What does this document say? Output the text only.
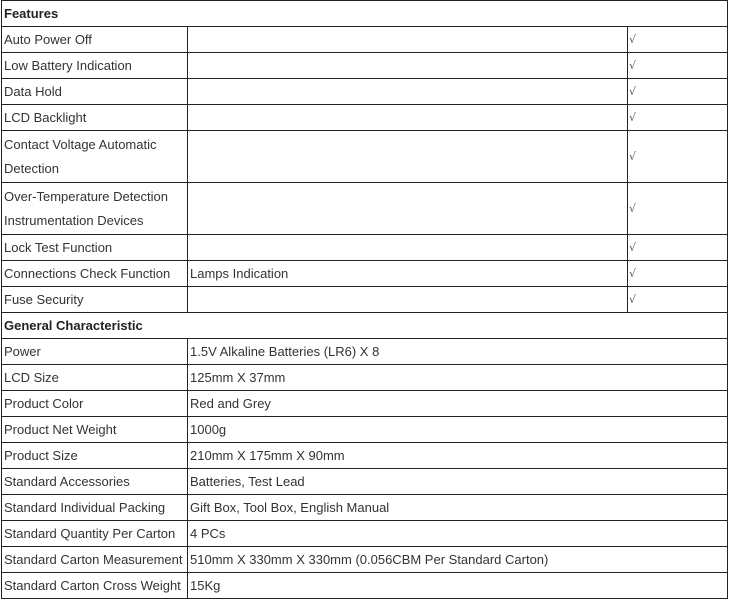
Features		
Auto Power Off		√
Low Battery Indication		√
Data Hold		√
LCD Backlight		√
Contact Voltage Automatic Detection		√
Over-Temperature Detection Instrumentation Devices		√
Lock Test Function		√
Connections Check Function	Lamps Indication	√
Fuse Security		√
General Characteristic		
Power	1.5V Alkaline Batteries (LR6) X 8	
LCD Size	125mm X 37mm	
Product Color	Red and Grey	
Product Net Weight	1000g	
Product Size	210mm X 175mm X 90mm	
Standard Accessories	Batteries, Test Lead	
Standard Individual Packing	Gift Box, Tool Box, English Manual	
Standard Quantity Per Carton	4 PCs	
Standard Carton Measurement	510mm X 330mm X 330mm (0.056CBM Per Standard Carton)	
Standard Carton Cross Weight	15Kg	
